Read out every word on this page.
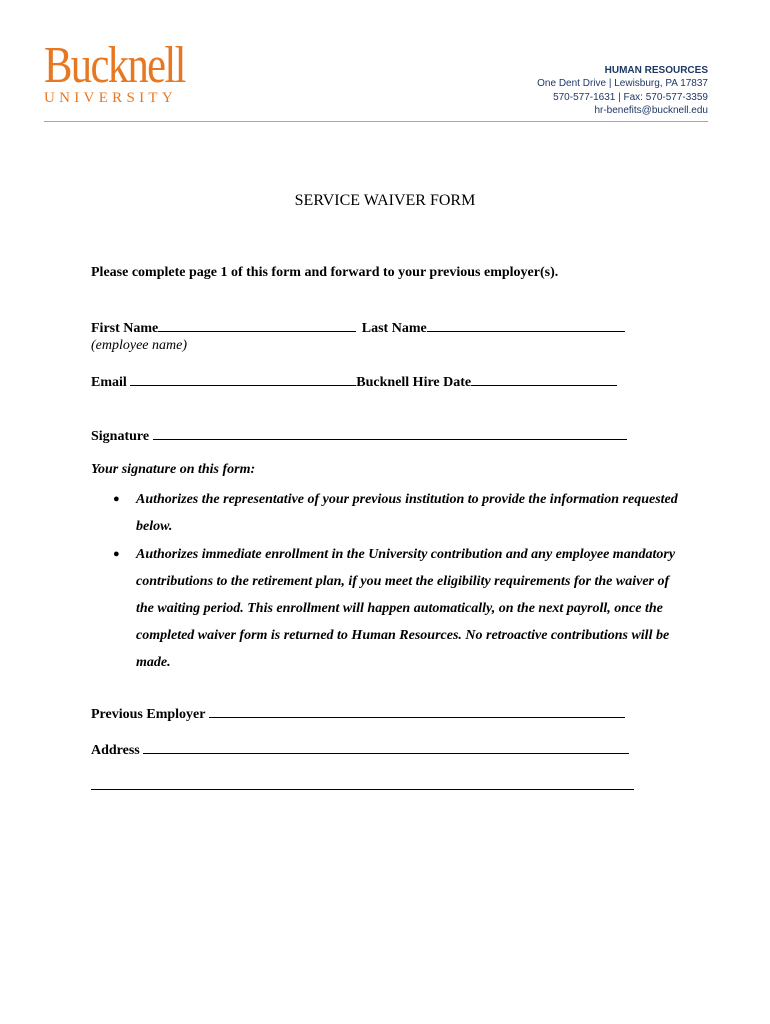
Bucknell
UNIVERSITY
HUMAN RESOURCES
One Dent Drive | Lewisburg, PA 17837
570-577-1631 | Fax: 570-577-3359
hr-benefits@bucknell.edu
SERVICE WAIVER FORM
Please complete page 1 of this form and forward to your previous employer(s).
First Name	Last Name
(employee name)
Email	Bucknell Hire Date
Signature
Your signature on this form:
● Authorizes the representative of your previous institution to provide the information requested below.
● Authorizes immediate enrollment in the University contribution and any employee mandatory contributions to the retirement plan, if you meet the eligibility requirements for the waiver of the waiting period. This enrollment will happen automatically, on the next payroll, once the completed waiver form is returned to Human Resources. No retroactive contributions will be made.
Previous Employer
Address
